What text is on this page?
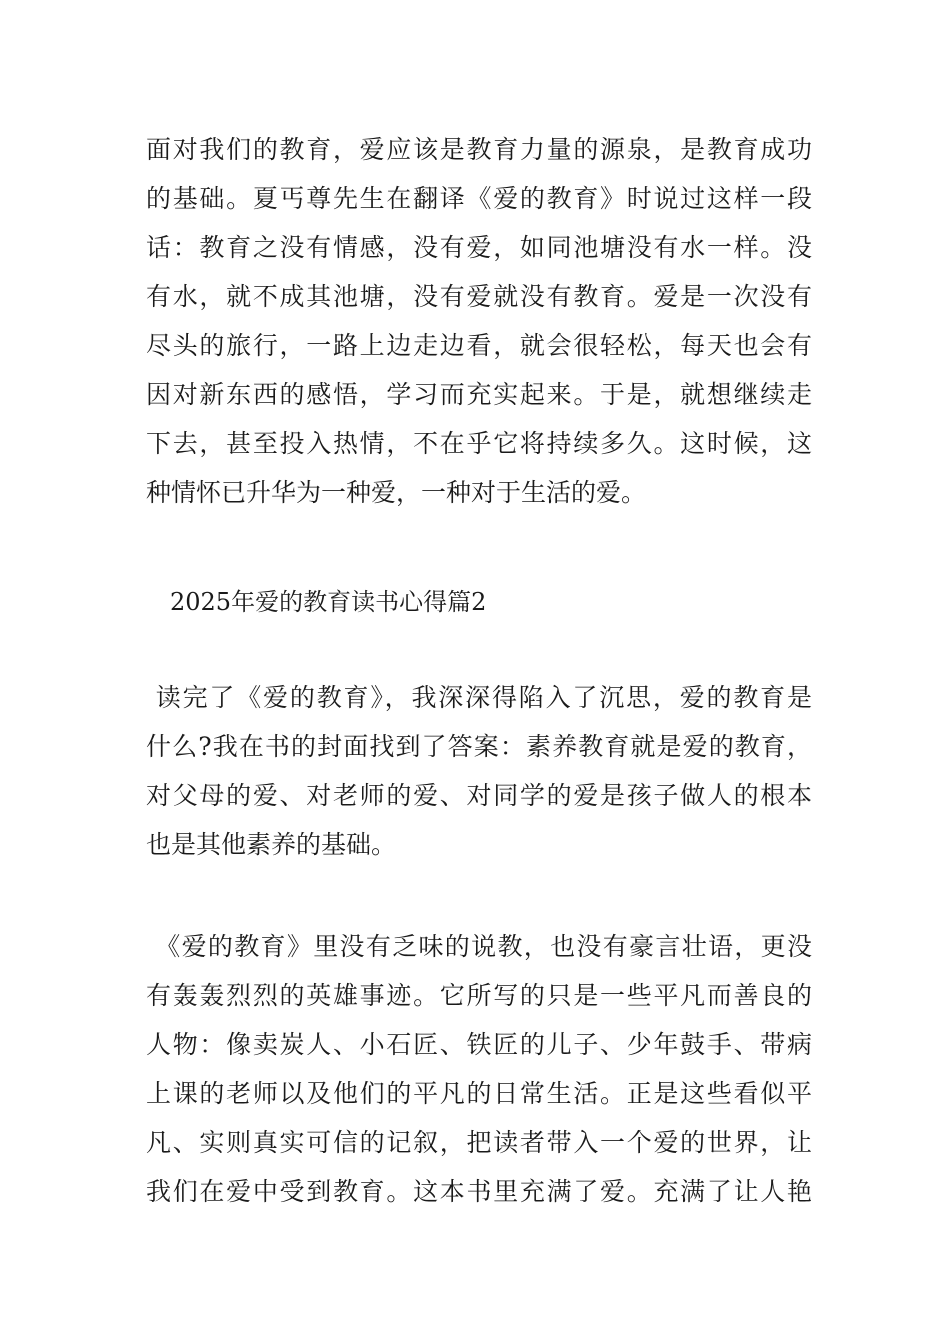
面对我们的教育，爱应该是教育力量的源泉，是教育成功
的基础。夏丐尊先生在翻译《爱的教育》时说过这样一段
话：教育之没有情感，没有爱，如同池塘没有水一样。没
有水，就不成其池塘，没有爱就没有教育。爱是一次没有
尽头的旅行，一路上边走边看，就会很轻松，每天也会有
因对新东西的感悟，学习而充实起来。于是，就想继续走
下去，甚至投入热情，不在乎它将持续多久。这时候，这
种情怀已升华为一种爱，一种对于生活的爱。
2025年爱的教育读书心得篇2
读完了《爱的教育》，我深深得陷入了沉思，爱的教育是
什么?我在书的封面找到了答案：素养教育就是爱的教育，
对父母的爱、对老师的爱、对同学的爱是孩子做人的根本
也是其他素养的基础。
《爱的教育》里没有乏味的说教，也没有豪言壮语，更没
有轰轰烈烈的英雄事迹。它所写的只是一些平凡而善良的
人物：像卖炭人、小石匠、铁匠的儿子、少年鼓手、带病
上课的老师以及他们的平凡的日常生活。正是这些看似平
凡、实则真实可信的记叙，把读者带入一个爱的世界，让
我们在爱中受到教育。这本书里充满了爱。充满了让人艳
